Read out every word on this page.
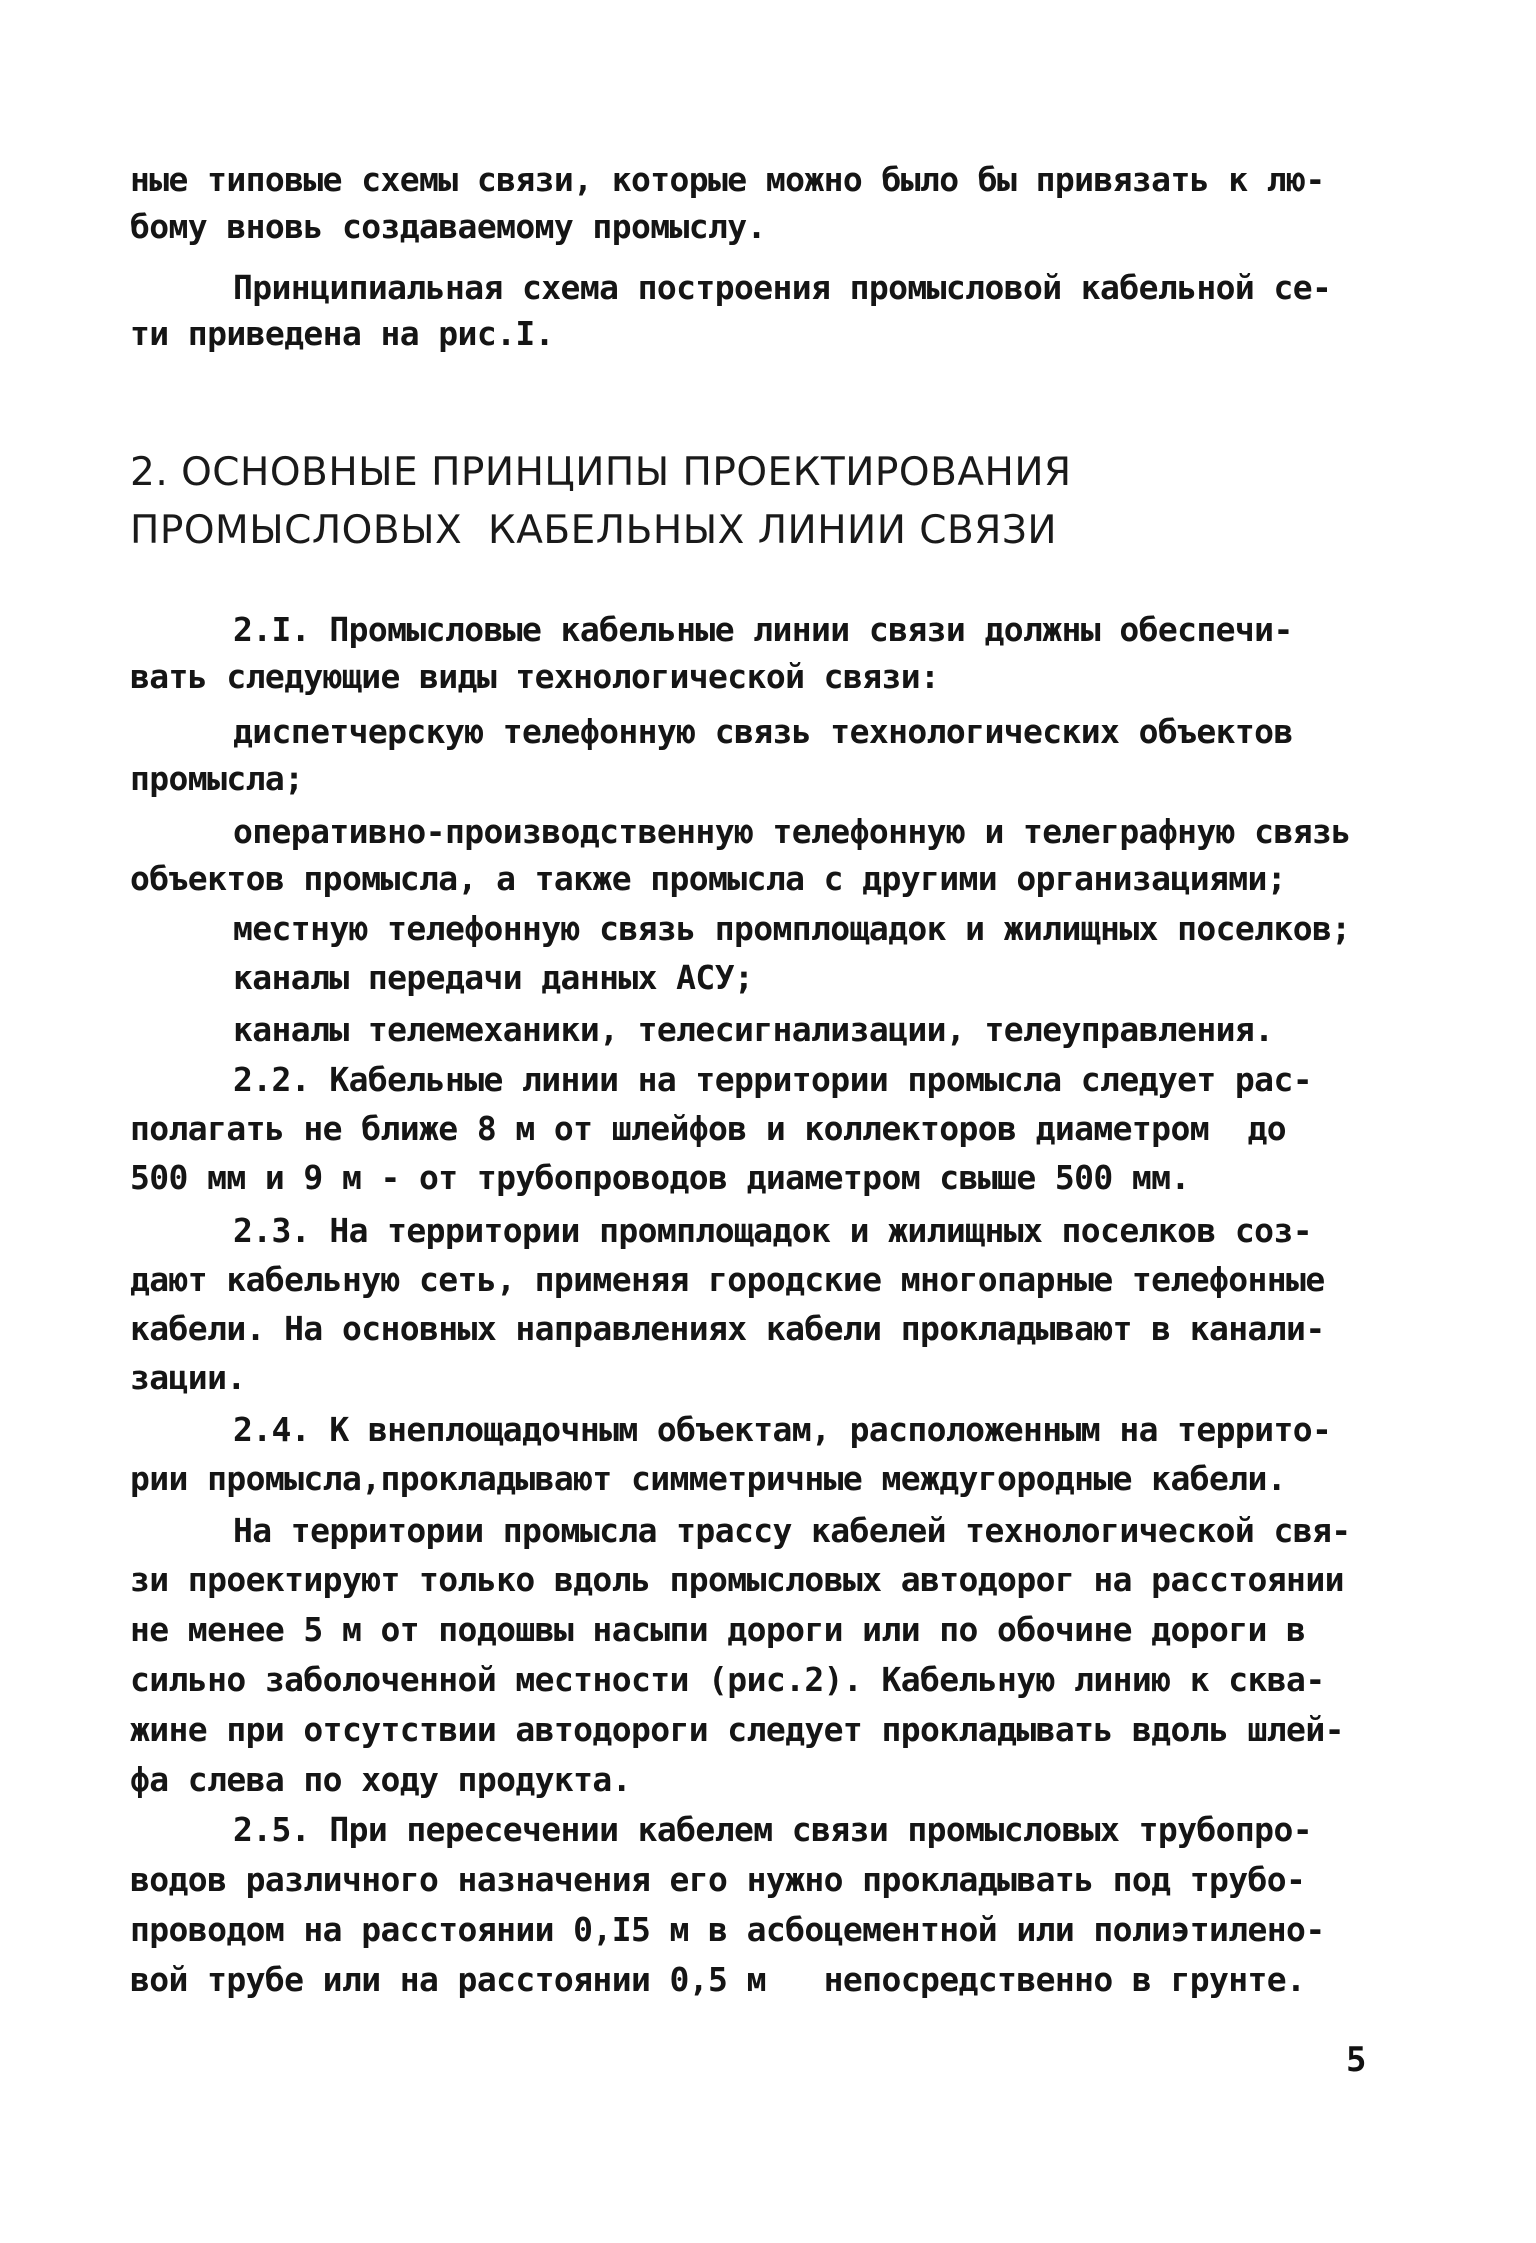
ные типовые схемы связи, которые можно было бы привязать к лю-
бому вновь создаваемому промыслу.
Принципиальная схема построения промысловой кабельной се-
ти приведена на рис.I.
2. ОСНОВНЫЕ ПРИНЦИПЫ ПРОЕКТИРОВАНИЯ
ПРОМЫСЛОВЫХ  КАБЕЛЬНЫХ ЛИНИИ СВЯЗИ
2.I. Промысловые кабельные линии связи должны обеспечи-
вать следующие виды технологической связи:
диспетчерскую телефонную связь технологических объектов
промысла;
оперативно-производственную телефонную и телеграфную связь
объектов промысла, а также промысла с другими организациями;
местную телефонную связь промплощадок и жилищных поселков;
каналы передачи данных АСУ;
каналы телемеханики, телесигнализации, телеуправления.
2.2. Кабельные линии на территории промысла следует рас-
полагать не ближе 8 м от шлейфов и коллекторов диаметром  до
500 мм и 9 м - от трубопроводов диаметром свыше 500 мм.
2.3. На территории промплощадок и жилищных поселков соз-
дают кабельную сеть, применяя городские многопарные телефонные
кабели. На основных направлениях кабели прокладывают в канали-
зации.
2.4. К внеплощадочным объектам, расположенным на террито-
рии промысла,прокладывают симметричные междугородные кабели.
На территории промысла трассу кабелей технологической свя-
зи проектируют только вдоль промысловых автодорог на расстоянии
не менее 5 м от подошвы насыпи дороги или по обочине дороги в
сильно заболоченной местности (рис.2). Кабельную линию к сква-
жине при отсутствии автодороги следует прокладывать вдоль шлей-
фа слева по ходу продукта.
2.5. При пересечении кабелем связи промысловых трубопро-
водов различного назначения его нужно прокладывать под трубо-
проводом на расстоянии 0,I5 м в асбоцементной или полиэтилено-
вой трубе или на расстоянии 0,5 м   непосредственно в грунте.
5
